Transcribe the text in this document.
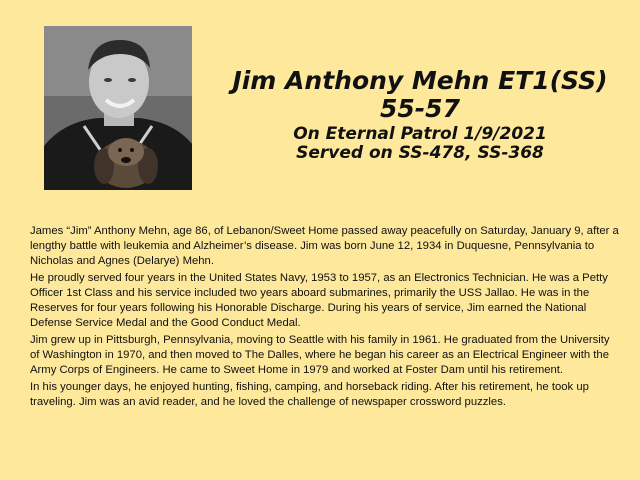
Jim Anthony Mehn ET1(SS)
55-57
On Eternal Patrol 1/9/2021
Served on SS-478, SS-368

James “Jim” Anthony Mehn, age 86, of Lebanon/Sweet Home passed away peacefully on Saturday, January 9, after a lengthy battle with leukemia and Alzheimer’s disease. Jim was born June 12, 1934 in Duquesne, Pennsylvania to Nicholas and Agnes (Delarye) Mehn.

He proudly served four years in the United States Navy, 1953 to 1957, as an Electronics Technician. He was a Petty Officer 1st Class and his service included two years aboard submarines, primarily the USS Jallao. He was in the Reserves for four years following his Honorable Discharge. During his years of service, Jim earned the National Defense Service Medal and the Good Conduct Medal.

Jim grew up in Pittsburgh, Pennsylvania, moving to Seattle with his family in 1961. He graduated from the University of Washington in 1970, and then moved to The Dalles, where he began his career as an Electrical Engineer with the Army Corps of Engineers. He came to Sweet Home in 1979 and worked at Foster Dam until his retirement.

In his younger days, he enjoyed hunting, fishing, camping, and horseback riding. After his retirement, he took up traveling. Jim was an avid reader, and he loved the challenge of newspaper crossword puzzles.
